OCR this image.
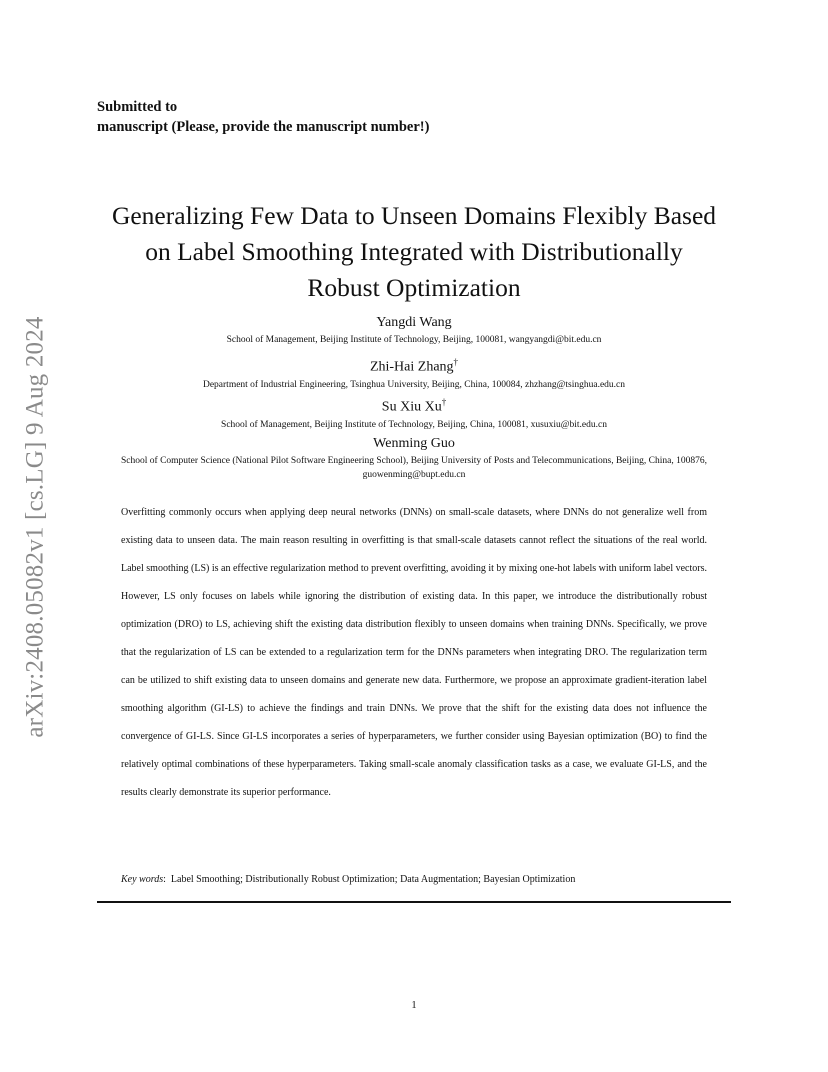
arXiv:2408.05082v1 [cs.LG] 9 Aug 2024
Submitted to
manuscript (Please, provide the manuscript number!)
Generalizing Few Data to Unseen Domains Flexibly Based
on Label Smoothing Integrated with Distributionally
Robust Optimization
Yangdi Wang
School of Management, Beijing Institute of Technology, Beijing, 100081, wangyangdi@bit.edu.cn
Zhi-Hai Zhang†
Department of Industrial Engineering, Tsinghua University, Beijing, China, 100084, zhzhang@tsinghua.edu.cn
Su Xiu Xu†
School of Management, Beijing Institute of Technology, Beijing, China, 100081, xusuxiu@bit.edu.cn
Wenming Guo
School of Computer Science (National Pilot Software Engineering School), Beijing University of Posts and Telecommunications, Beijing, China, 100876, guowenming@bupt.edu.cn

Overfitting commonly occurs when applying deep neural networks (DNNs) on small-scale datasets, where DNNs do not generalize well from existing data to unseen data. The main reason resulting in overfitting is that small-scale datasets cannot reflect the situations of the real world. Label smoothing (LS) is an effective regularization method to prevent overfitting, avoiding it by mixing one-hot labels with uniform label vectors. However, LS only focuses on labels while ignoring the distribution of existing data. In this paper, we introduce the distributionally robust optimization (DRO) to LS, achieving shift the existing data distribution flexibly to unseen domains when training DNNs. Specifically, we prove that the regularization of LS can be extended to a regularization term for the DNNs parameters when integrating DRO. The regularization term can be utilized to shift existing data to unseen domains and generate new data. Furthermore, we propose an approximate gradient-iteration label smoothing algorithm (GI-LS) to achieve the findings and train DNNs. We prove that the shift for the existing data does not influence the convergence of GI-LS. Since GI-LS incorporates a series of hyperparameters, we further consider using Bayesian optimization (BO) to find the relatively optimal combinations of these hyperparameters. Taking small-scale anomaly classification tasks as a case, we evaluate GI-LS, and the results clearly demonstrate its superior performance.

Key words:  Label Smoothing; Distributionally Robust Optimization; Data Augmentation; Bayesian Optimization
1
